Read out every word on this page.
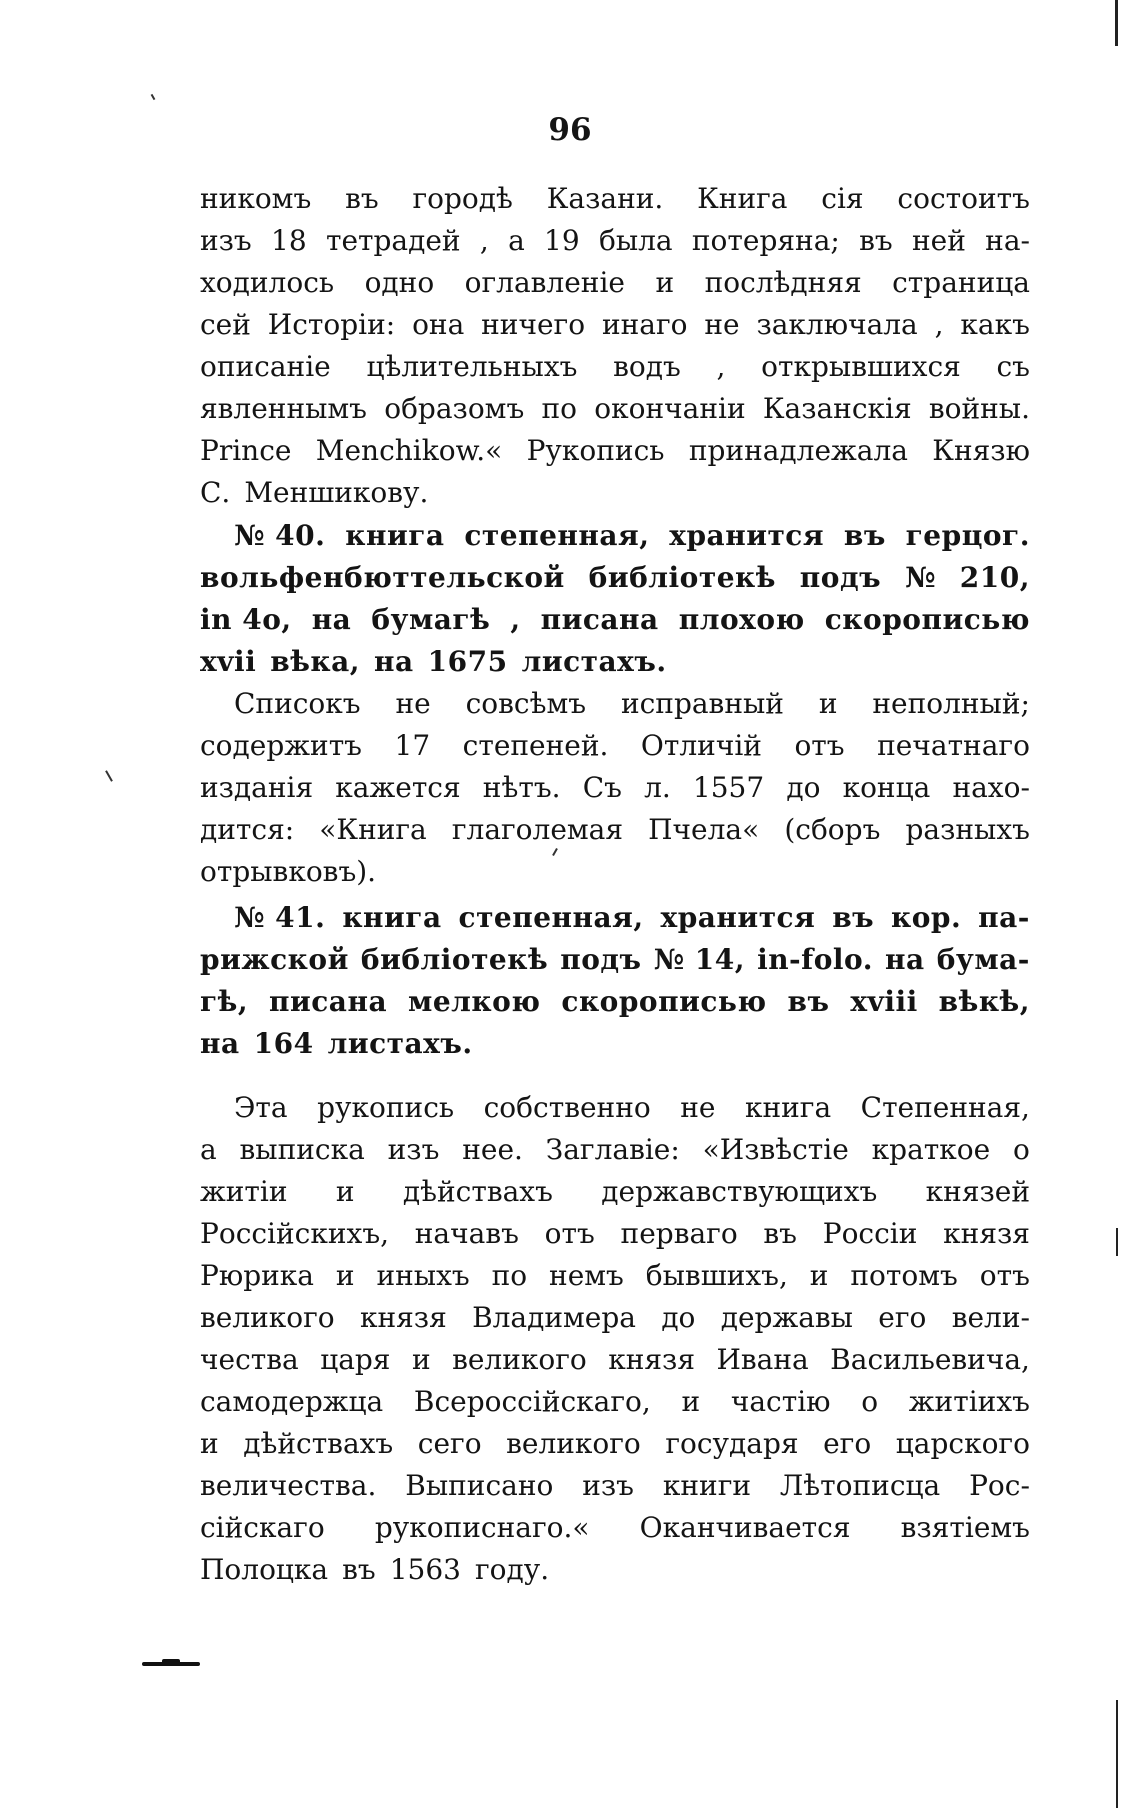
96
никомъ въ городѣ Казани. Книга сія состоитъ
изъ 18 тетрадей , а 19 была потеряна; въ ней на-
ходилось одно оглавленіе и послѣдняя страница
сей Исторіи: она ничего инаго не заключала , какъ
описаніе цѣлительныхъ водъ , открывшихся съ
явленнымъ образомъ по окончаніи Казанскія войны.
Prince Menchikow.« Рукопись принадлежала Князю
С. Меншикову.
№ 40. книга степенная, хранится въ герцог.
вольфенбюттельской библіотекѣ подъ № 210,
in 4о, на бумагѣ , писана плохою скорописью
xvii вѣка, на 1675 листахъ.
Списокъ не совсѣмъ исправный и неполный;
содержитъ 17 степеней. Отличій отъ печатнаго
изданія кажется нѣтъ. Съ л. 1557 до конца нахо-
дится: «Книга глаголемая Пчела« (сборъ разныхъ
отрывковъ).
№ 41. книга степенная, хранится въ кор. па-
рижской библіотекѣ подъ № 14, in-folo. на бума-
гѣ, писана мелкою скорописью въ xviii вѣкѣ,
на 164 листахъ.
Эта рукопись собственно не книга Степенная,
а выписка изъ нее. Заглавіе: «Извѣстіе краткое о
житіи и дѣйствахъ державствующихъ князей
Россійскихъ, начавъ отъ перваго въ Россіи князя
Рюрика и иныхъ по немъ бывшихъ, и потомъ отъ
великого князя Владимера до державы его вели-
чества царя и великого князя Ивана Васильевича,
самодержца Всероссійскаго, и частію о житіихъ
и дѣйствахъ сего великого государя его царского
величества. Выписано изъ книги Лѣтописца Рос-
сійскаго рукописнаго.« Оканчивается взятіемъ
Полоцка въ 1563 году.
